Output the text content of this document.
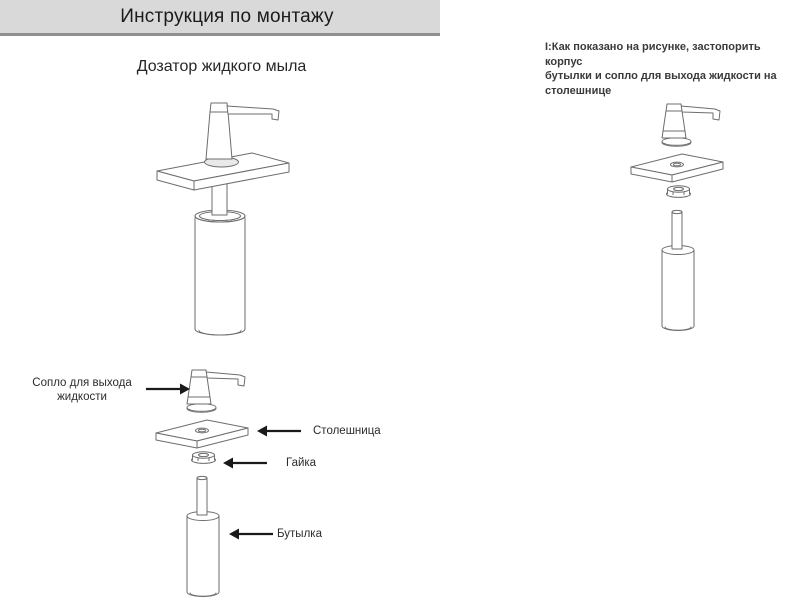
Инструкция по монтажу
Дозатор жидкого мыла
I:Как показано на рисунке, застопорить корпус
бутылки и сопло для выхода жидкости на
столешнице
Сопло для выхода жидкости
Столешница
Гайка
Бутылка
